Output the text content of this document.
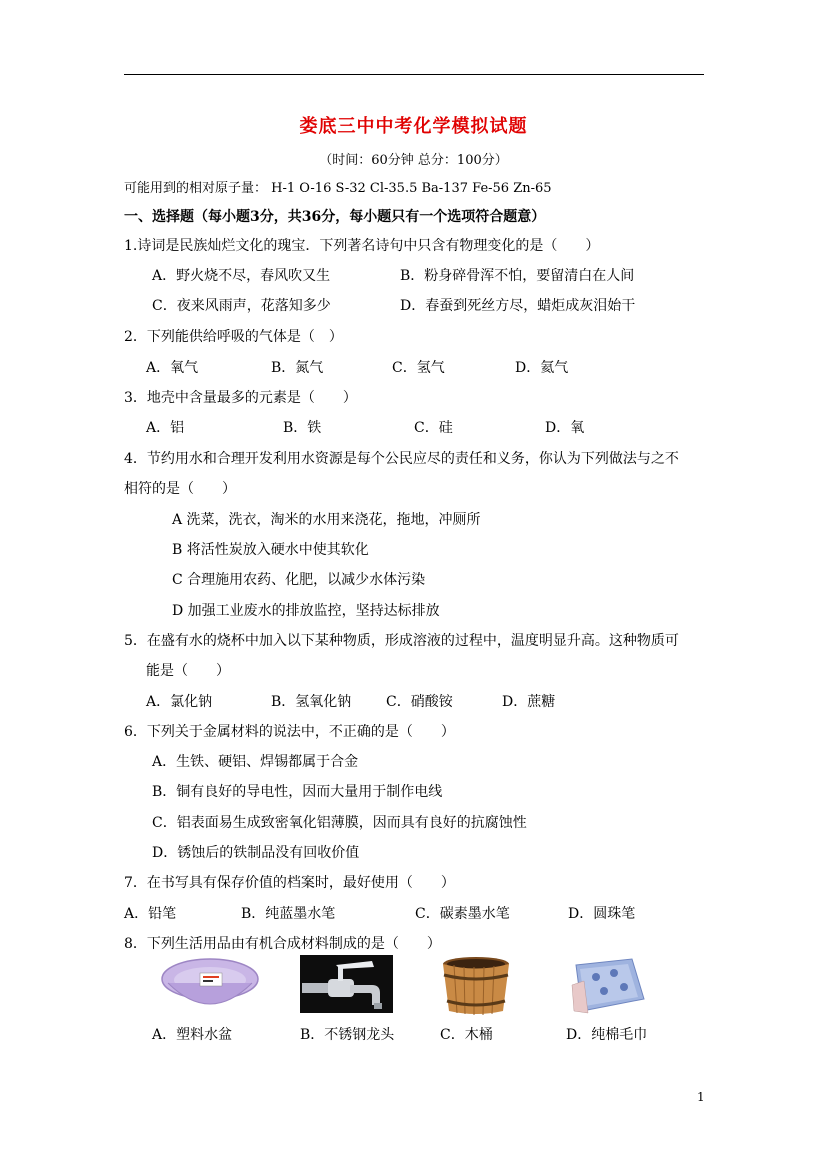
娄底三中中考化学模拟试题
（时间：60分钟 总分：100分）
可能用到的相对原子量： H-1 O-16 S-32 Cl-35.5 Ba-137 Fe-56 Zn-65
一、选择题（每小题3分，共36分，每小题只有一个选项符合题意）
1.诗词是民族灿烂文化的瑰宝．下列著名诗句中只含有物理变化的是（　　）
A．野火烧不尽，春风吹又生	B．粉身碎骨浑不怕，要留清白在人间
C．夜来风雨声，花落知多少	D．春蚕到死丝方尽，蜡炬成灰泪始干
2．下列能供给呼吸的气体是（　）
A．氧气	B．氮气	C．氢气	D．氦气
3．地壳中含量最多的元素是（　　）
A．铝	B．铁	C．硅	D．氧
4．节约用水和合理开发利用水资源是每个公民应尽的责任和义务，你认为下列做法与之不
相符的是（　　）
A 洗菜，洗衣，淘米的水用来浇花，拖地，冲厕所
B 将活性炭放入硬水中使其软化
C 合理施用农药、化肥，以减少水体污染
D 加强工业废水的排放监控，坚持达标排放
5．在盛有水的烧杯中加入以下某种物质，形成溶液的过程中，温度明显升高。这种物质可
能是（　　）
A．氯化钠	B．氢氧化钠 C．硝酸铵	D．蔗糖
6．下列关于金属材料的说法中，不正确的是（　　）
A．生铁、硬铝、焊锡都属于合金
B．铜有良好的导电性，因而大量用于制作电线
C．铝表面易生成致密氧化铝薄膜，因而具有良好的抗腐蚀性
D．锈蚀后的铁制品没有回收价值
7．在书写具有保存价值的档案时，最好使用（　　）
A．铅笔	B．纯蓝墨水笔	C．碳素墨水笔	D．圆珠笔
8．下列生活用品由有机合成材料制成的是（　　）
A．塑料水盆	B．不锈钢龙头	C．木桶	D．纯棉毛巾
1
